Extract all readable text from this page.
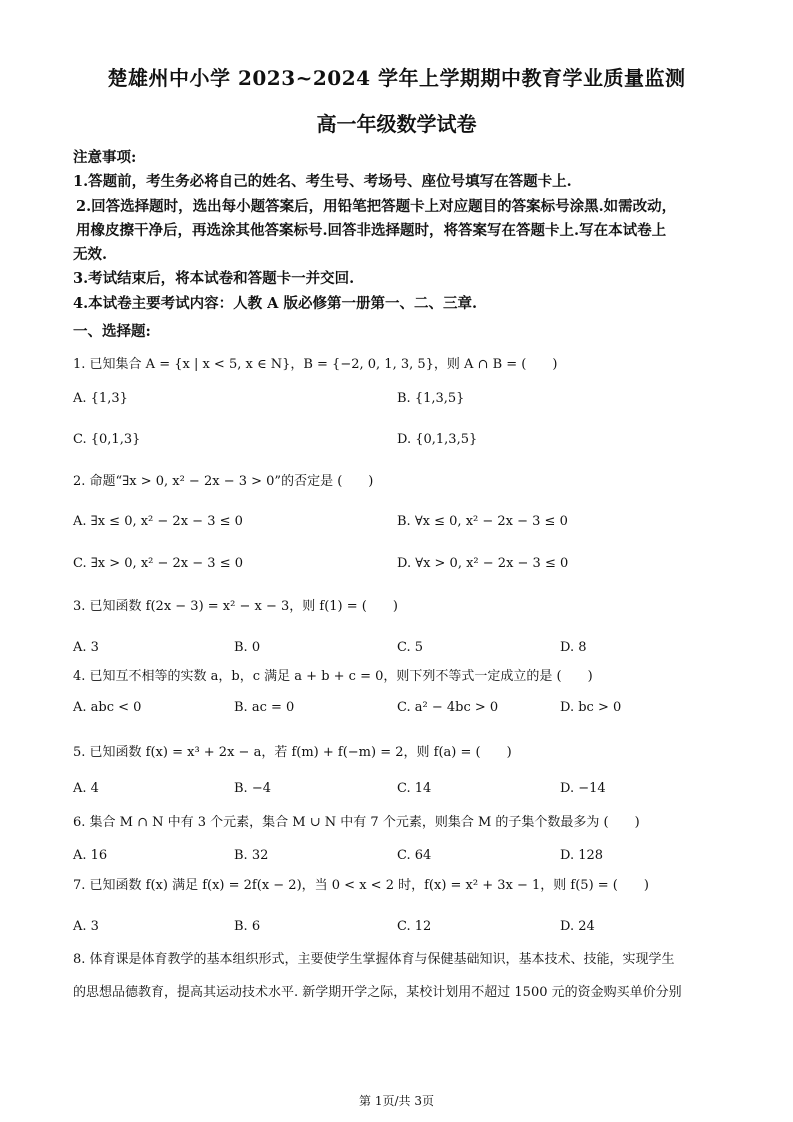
楚雄州中小学 2023~2024 学年上学期期中教育学业质量监测
高一年级数学试卷
注意事项:
1.答题前，考生务必将自己的姓名、考生号、考场号、座位号填写在答题卡上.
2.回答选择题时，选出每小题答案后，用铅笔把答题卡上对应题目的答案标号涂黑.如需改动，
用橡皮擦干净后，再选涂其他答案标号.回答非选择题时，将答案写在答题卡上.写在本试卷上
无效.
3.考试结束后，将本试卷和答题卡一并交回.
4.本试卷主要考试内容：人教 A 版必修第一册第一、二、三章.
一、选择题:
1. 已知集合 A = {x | x < 5, x ∈ N}，B = {−2, 0, 1, 3, 5}，则 A ∩ B = (　　)
A. {1,3}	B. {1,3,5}
C. {0,1,3}	D. {0,1,3,5}
2. 命题“∃x > 0, x² − 2x − 3 > 0”的否定是 (　　)
A. ∃x ≤ 0, x² − 2x − 3 ≤ 0	B. ∀x ≤ 0, x² − 2x − 3 ≤ 0
C. ∃x > 0, x² − 2x − 3 ≤ 0	D. ∀x > 0, x² − 2x − 3 ≤ 0
3. 已知函数 f(2x − 3) = x² − x − 3，则 f(1) = (　　)
A. 3	B. 0	C. 5	D. 8
4. 已知互不相等的实数 a，b，c 满足 a + b + c = 0，则下列不等式一定成立的是 (　　)
A. abc < 0	B. ac = 0	C. a² − 4bc > 0	D. bc > 0
5. 已知函数 f(x) = x³ + 2x − a，若 f(m) + f(−m) = 2，则 f(a) = (　　)
A. 4	B. −4	C. 14	D. −14
6. 集合 M ∩ N 中有 3 个元素，集合 M ∪ N 中有 7 个元素，则集合 M 的子集个数最多为 (　　)
A. 16	B. 32	C. 64	D. 128
7. 已知函数 f(x) 满足 f(x) = 2f(x − 2)，当 0 < x < 2 时，f(x) = x² + 3x − 1，则 f(5) = (　　)
A. 3	B. 6	C. 12	D. 24
8. 体育课是体育教学的基本组织形式，主要使学生掌握体育与保健基础知识，基本技术、技能，实现学生
的思想品德教育，提高其运动技术水平. 新学期开学之际，某校计划用不超过 1500 元的资金购买单价分别
第 1页/共 3页
